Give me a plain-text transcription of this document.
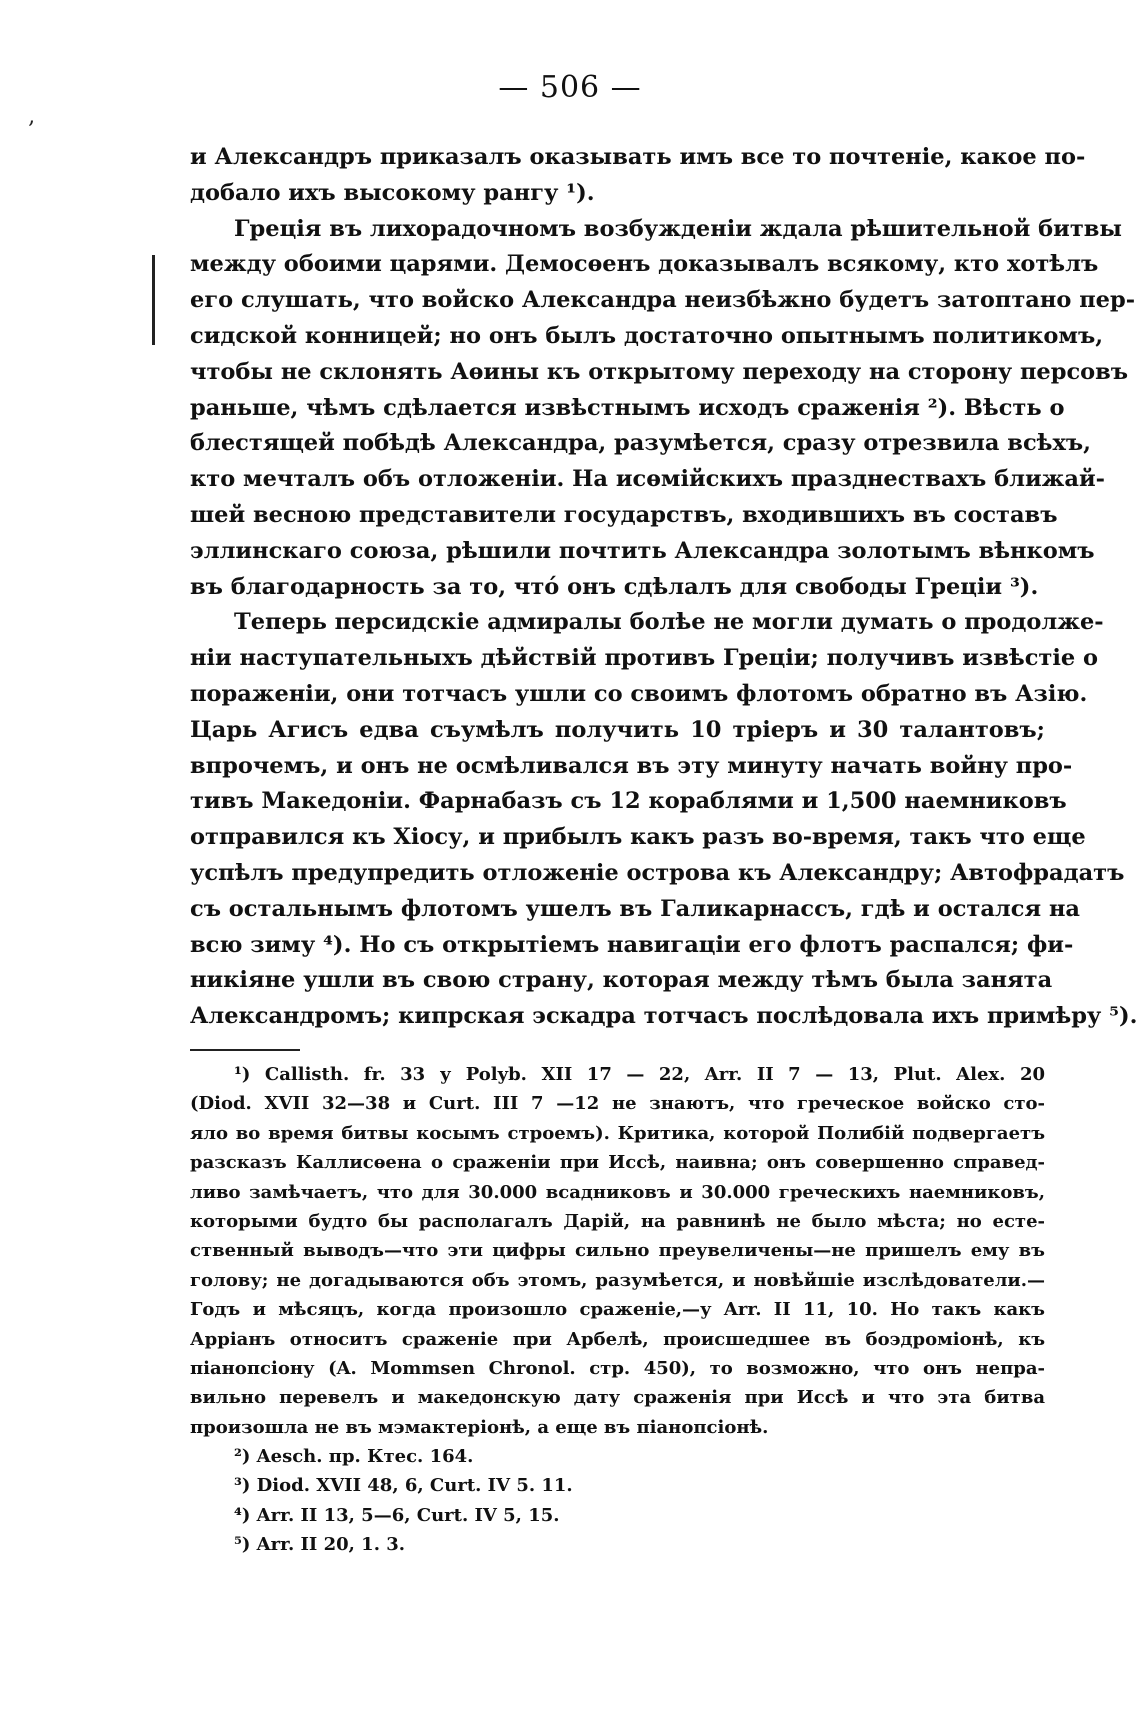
— 506 —
‚
и Александръ приказалъ оказывать имъ все то почтеніе, какое по-
добало ихъ высокому рангу ¹).
Греція въ лихорадочномъ возбужденіи ждала рѣшительной битвы
между обоими царями. Демосѳенъ доказывалъ всякому, кто хотѣлъ
его слушать, что войско Александра неизбѣжно будетъ затоптано пер-
сидской конницей; но онъ былъ достаточно опытнымъ политикомъ,
чтобы не склонять Аѳины къ открытому переходу на сторону персовъ
раньше, чѣмъ сдѣлается извѣстнымъ исходъ сраженія ²). Вѣсть о
блестящей побѣдѣ Александра, разумѣется, сразу отрезвила всѣхъ,
кто мечталъ объ отложеніи. На исѳмійскихъ празднествахъ ближай-
шей весною представители государствъ, входившихъ въ составъ
эллинскаго союза, рѣшили почтить Александра золотымъ вѣнкомъ
въ благодарность за то, что́ онъ сдѣлалъ для свободы Греціи ³).
Теперь персидскіе адмиралы болѣе не могли думать о продолже-
ніи наступательныхъ дѣйствій противъ Греціи; получивъ извѣстіе о
пораженіи, они тотчасъ ушли со своимъ флотомъ обратно въ Азію.
Царь Агисъ едва съумѣлъ получить 10 тріеръ и 30 талантовъ;
впрочемъ, и онъ не осмѣливался въ эту минуту начать войну про-
тивъ Македоніи. Фарнабазъ съ 12 кораблями и 1,500 наемниковъ
отправился къ Хіосу, и прибылъ какъ разъ во-время, такъ что еще
успѣлъ предупредить отложеніе острова къ Александру; Автофрадатъ
съ остальнымъ флотомъ ушелъ въ Галикарнассъ, гдѣ и остался на
всю зиму ⁴). Но съ открытіемъ навигаціи его флотъ распался; фи-
никіяне ушли въ свою страну, которая между тѣмъ была занята
Александромъ; кипрская эскадра тотчасъ послѣдовала ихъ примѣру ⁵).
¹) Callisth. fr. 33 у Polyb. XII 17 — 22, Arr. II 7 — 13, Plut. Alex. 20
(Diod. XVII 32—38 и Curt. III 7 —12 не знаютъ, что греческое войско сто-
яло во время битвы косымъ строемъ). Критика, которой Полибій подвергаетъ
разсказъ Каллисѳена о сраженіи при Иссѣ, наивна; онъ совершенно справед-
ливо замѣчаетъ, что для 30.000 всадниковъ и 30.000 греческихъ наемниковъ,
которыми будто бы располагалъ Дарій, на равнинѣ не было мѣста; но есте-
ственный выводъ—что эти цифры сильно преувеличены—не пришелъ ему въ
голову; не догадываются объ этомъ, разумѣется, и новѣйшіе изслѣдователи.—
Годъ и мѣсяцъ, когда произошло сраженіе,—у Arr. II 11, 10. Но такъ какъ
Арріанъ относитъ сраженіе при Арбелѣ, происшедшее въ боэдроміонѣ, къ
піанопсіону (A. Mommsen Chronol. стр. 450), то возможно, что онъ непра-
вильно перевелъ и македонскую дату сраженія при Иссѣ и что эта битва
произошла не въ мэмактеріонѣ, а еще въ піанопсіонѣ.
²) Aesch. пр. Ктес. 164.
³) Diod. XVII 48, 6, Curt. IV 5. 11.
⁴) Arr. II 13, 5—6, Curt. IV 5, 15.
⁵) Arr. II 20, 1. 3.
